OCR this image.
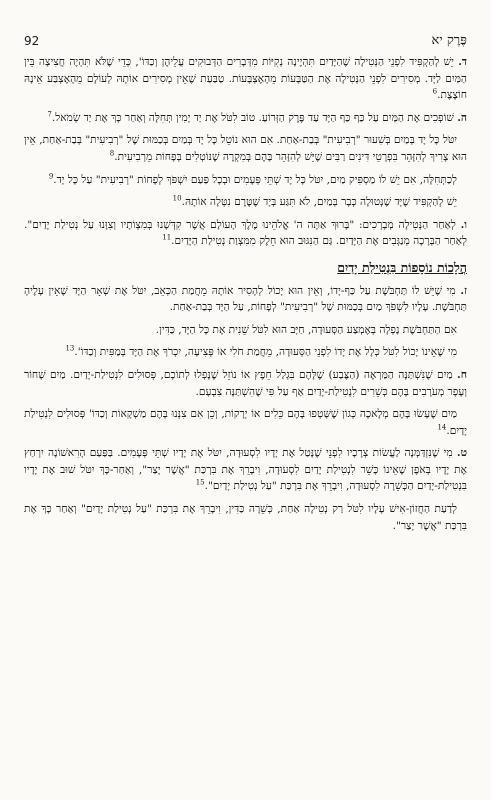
92	פֶּרֶק יא

ד. יֵשׁ לְהַקְפִּיד לִפְנֵי הַנְּטִילָה שֶׁהַיָּדַיִם תִּהְיֶינָה נְקִיּוֹת מִדְּבָרִים הַדְּבוּקִים עֲלֵיהֶן וְכַדּוֹ', כְּדֵי שֶׁלֹּא תִּהְיֶה חֲצִיצָה בֵּין הַמַּיִם לַיָּד. מְסִירִים לִפְנֵי הַנְּטִילָה אֶת הַטַּבָּעוֹת מֵהָאֶצְבָּעוֹת. טַבַּעַת שֶׁאֵין מְסִירִים אוֹתָהּ לְעוֹלָם מֵהָאֶצְבַּע אֵינָהּ חוֹצֶצֶת.$^6$

ה. שׁוֹפְכִים אֶת הַמַּיִם עַל כַּף כַּף הַיָּד עַד פֶּרֶק הַזְּרוֹעַ. טוֹב לִטֹּל אֶת יַד יָמִין תְּחִלָּה וְאַחַר כָּךְ אֶת יַד שְׂמֹאל.$^7$

יִטֹּל כָּל יָד בְּמַיִם בְּשִׁעוּר "רְבִיעִית" בְּבַת-אַחַת. אִם הוּא נוֹטֵל כָּל יָד בְּמַיִם בְּכַמּוּת שֶׁל "רְבִיעִית" בְּבַת-אַחַת, אֵין הוּא צָרִיךְ לְהִזָּהֵר בִּפְרָטֵי דִּינִים רַבִּים שֶׁיֵּשׁ לְהִזָּהֵר בָּהֶם בְּמִקְרֶה שֶׁנּוֹטְלִים בְּפָחוֹת מֵרְבִיעִית.$^8$

לְכַתְּחִלָּה, אִם יֵשׁ לוֹ מַסְפִּיק מַיִם, יִטֹּל כָּל יָד שְׁתֵּי פְּעָמִים וּבְכָל פַּעַם יִשְׁפֹּךְ לְפָחוֹת "רְבִיעִית" עַל כָּל יָד.$^9$

יֵשׁ לְהַקְפִּיד שֶׁיָּד שֶׁנְּטוּלָה כְּבָר בְּמַיִם, לֹא תִּגַּע בְּיָד שֶׁטֶּרֶם נִטְּלָה אוֹתָהּ.$^{10}$

ו. לְאַחַר הַנְּטִילָה מְבָרְכִים: "בָּרוּךְ אַתָּה ה' אֱלֹהֵינוּ מֶלֶךְ הָעוֹלָם אֲשֶׁר קִדְּשָׁנוּ בְּמִצְוֹתָיו וְצִוָּנוּ עַל נְטִילַת יָדַיִם". לְאַחַר הַבְּרָכָה מְנַגְּבִים אֶת הַיָּדַיִם. גַּם הַנִּגּוּב הוּא חֵלֶק מִמִּצְוַת נְטִילַת הַיָּדַיִם.$^{11}$

הֲלָכוֹת נוֹסָפוֹת בִּנְטִילַת יָדַיִם

ז. מִי שֶׁיֵּשׁ לוֹ תַּחְבֹּשֶׁת עַל כַּף-יָדוֹ, וְאֵין הוּא יָכוֹל לְהָסִיר אוֹתָהּ מֵחֲמַת הַכְּאֵב, יִטֹּל אֶת שְׁאָר הַיָּד שֶׁאֵין עָלֶיהָ תַּחְבֹּשֶׁת. עָלָיו לִשְׁפֹּךְ מַיִם בְּכַמּוּת שֶׁל "רְבִיעִית" לְפָחוֹת, עַל הַיָּד בְּבַת-אַחַת.

אִם הַתַּחְבֹּשֶׁת נָפְלָה בְּאֶמְצַע הַסְּעוּדָה, חַיָּב הוּא לִטֹּל שֵׁנִית אֶת כָּל הַיָּד, כַּדִּין.

מִי שֶׁאֵינוֹ יָכוֹל לִטֹּל כְּלָל אֶת יָדוֹ לִפְנֵי הַסְּעוּדָה, מֵחֲמַת חֹלִי אוֹ פְּצִיעָה, יִכְרֹךְ אֶת הַיָּד בְּמַפִּית וְכַדּוֹ'.$^{13}$

ח. מַיִם שֶׁנִּשְׁתַּנָּה הַמַּרְאֶה (הַצֶּבַע) שֶׁלָּהֶם בִּגְלַל חֵפֶץ אוֹ נוֹזֵל שֶׁנָּפְלוּ לְתוֹכָם, פְּסוּלִים לִנְטִילַת-יָדַיִם. מַיִם שָׁחוֹר וְעָפָר מְעֹרָבִים בָּהֶם כְּשֵׁרִים לִנְטִילַת-יָדַיִם אַף עַל פִּי שֶׁהִשְׁתַּנָּה צִבְעָם.

מַיִם שֶׁעָשׂוּ בָּהֶם מְלָאכָה כְּגוֹן שֶׁשָּׁטְפוּ בָּהֶם כֵּלִים אוֹ יְרָקוֹת, וְכֵן אִם צִנְּנוּ בָּהֶם מַשְׁקָאוֹת וְכַדּוֹ' פְּסוּלִים לִנְטִילַת יָדַיִם.$^{14}$

ט. מִי שֶׁנִּזְדַּמְּנָה לַעֲשׂוֹת צְרָכָיו לִפְנֵי שֶׁנָּטַל אֶת יָדָיו לִסְעוּדָה, יִטֹּל אֶת יָדָיו שְׁתֵּי פְּעָמִים. בַּפַּעַם הָרִאשׁוֹנָה יִרְחַץ אֶת יָדָיו בְּאֹפֶן שֶׁאֵינוֹ כָּשֵׁר לִנְטִילַת יָדַיִם לִסְעוּדָה, וִיבָרֵךְ אֶת בִּרְכַּת "אֲשֶׁר יָצַר", וְאַחַר-כָּךְ יִטֹּל שׁוּב אֶת יָדָיו בִּנְטִילַת-יָדַיִם הַכְּשֵׁרָה לִסְעוּדָה, וִיבָרֵךְ אֶת בִּרְכַּת "עַל נְטִילַת יָדַיִם".$^{15}$

לְדַעַת הַחֲזוֹן-אִישׁ עָלָיו לִטֹּל רַק נְטִילָה אַחַת, כְּשֵׁרָה כַּדִּין, וִיבָרֵךְ אֶת בִּרְכַּת "עַל נְטִילַת יָדַיִם" וְאַחַר כָּךְ אֶת בִּרְכַּת "אֲשֶׁר יָצַר".
